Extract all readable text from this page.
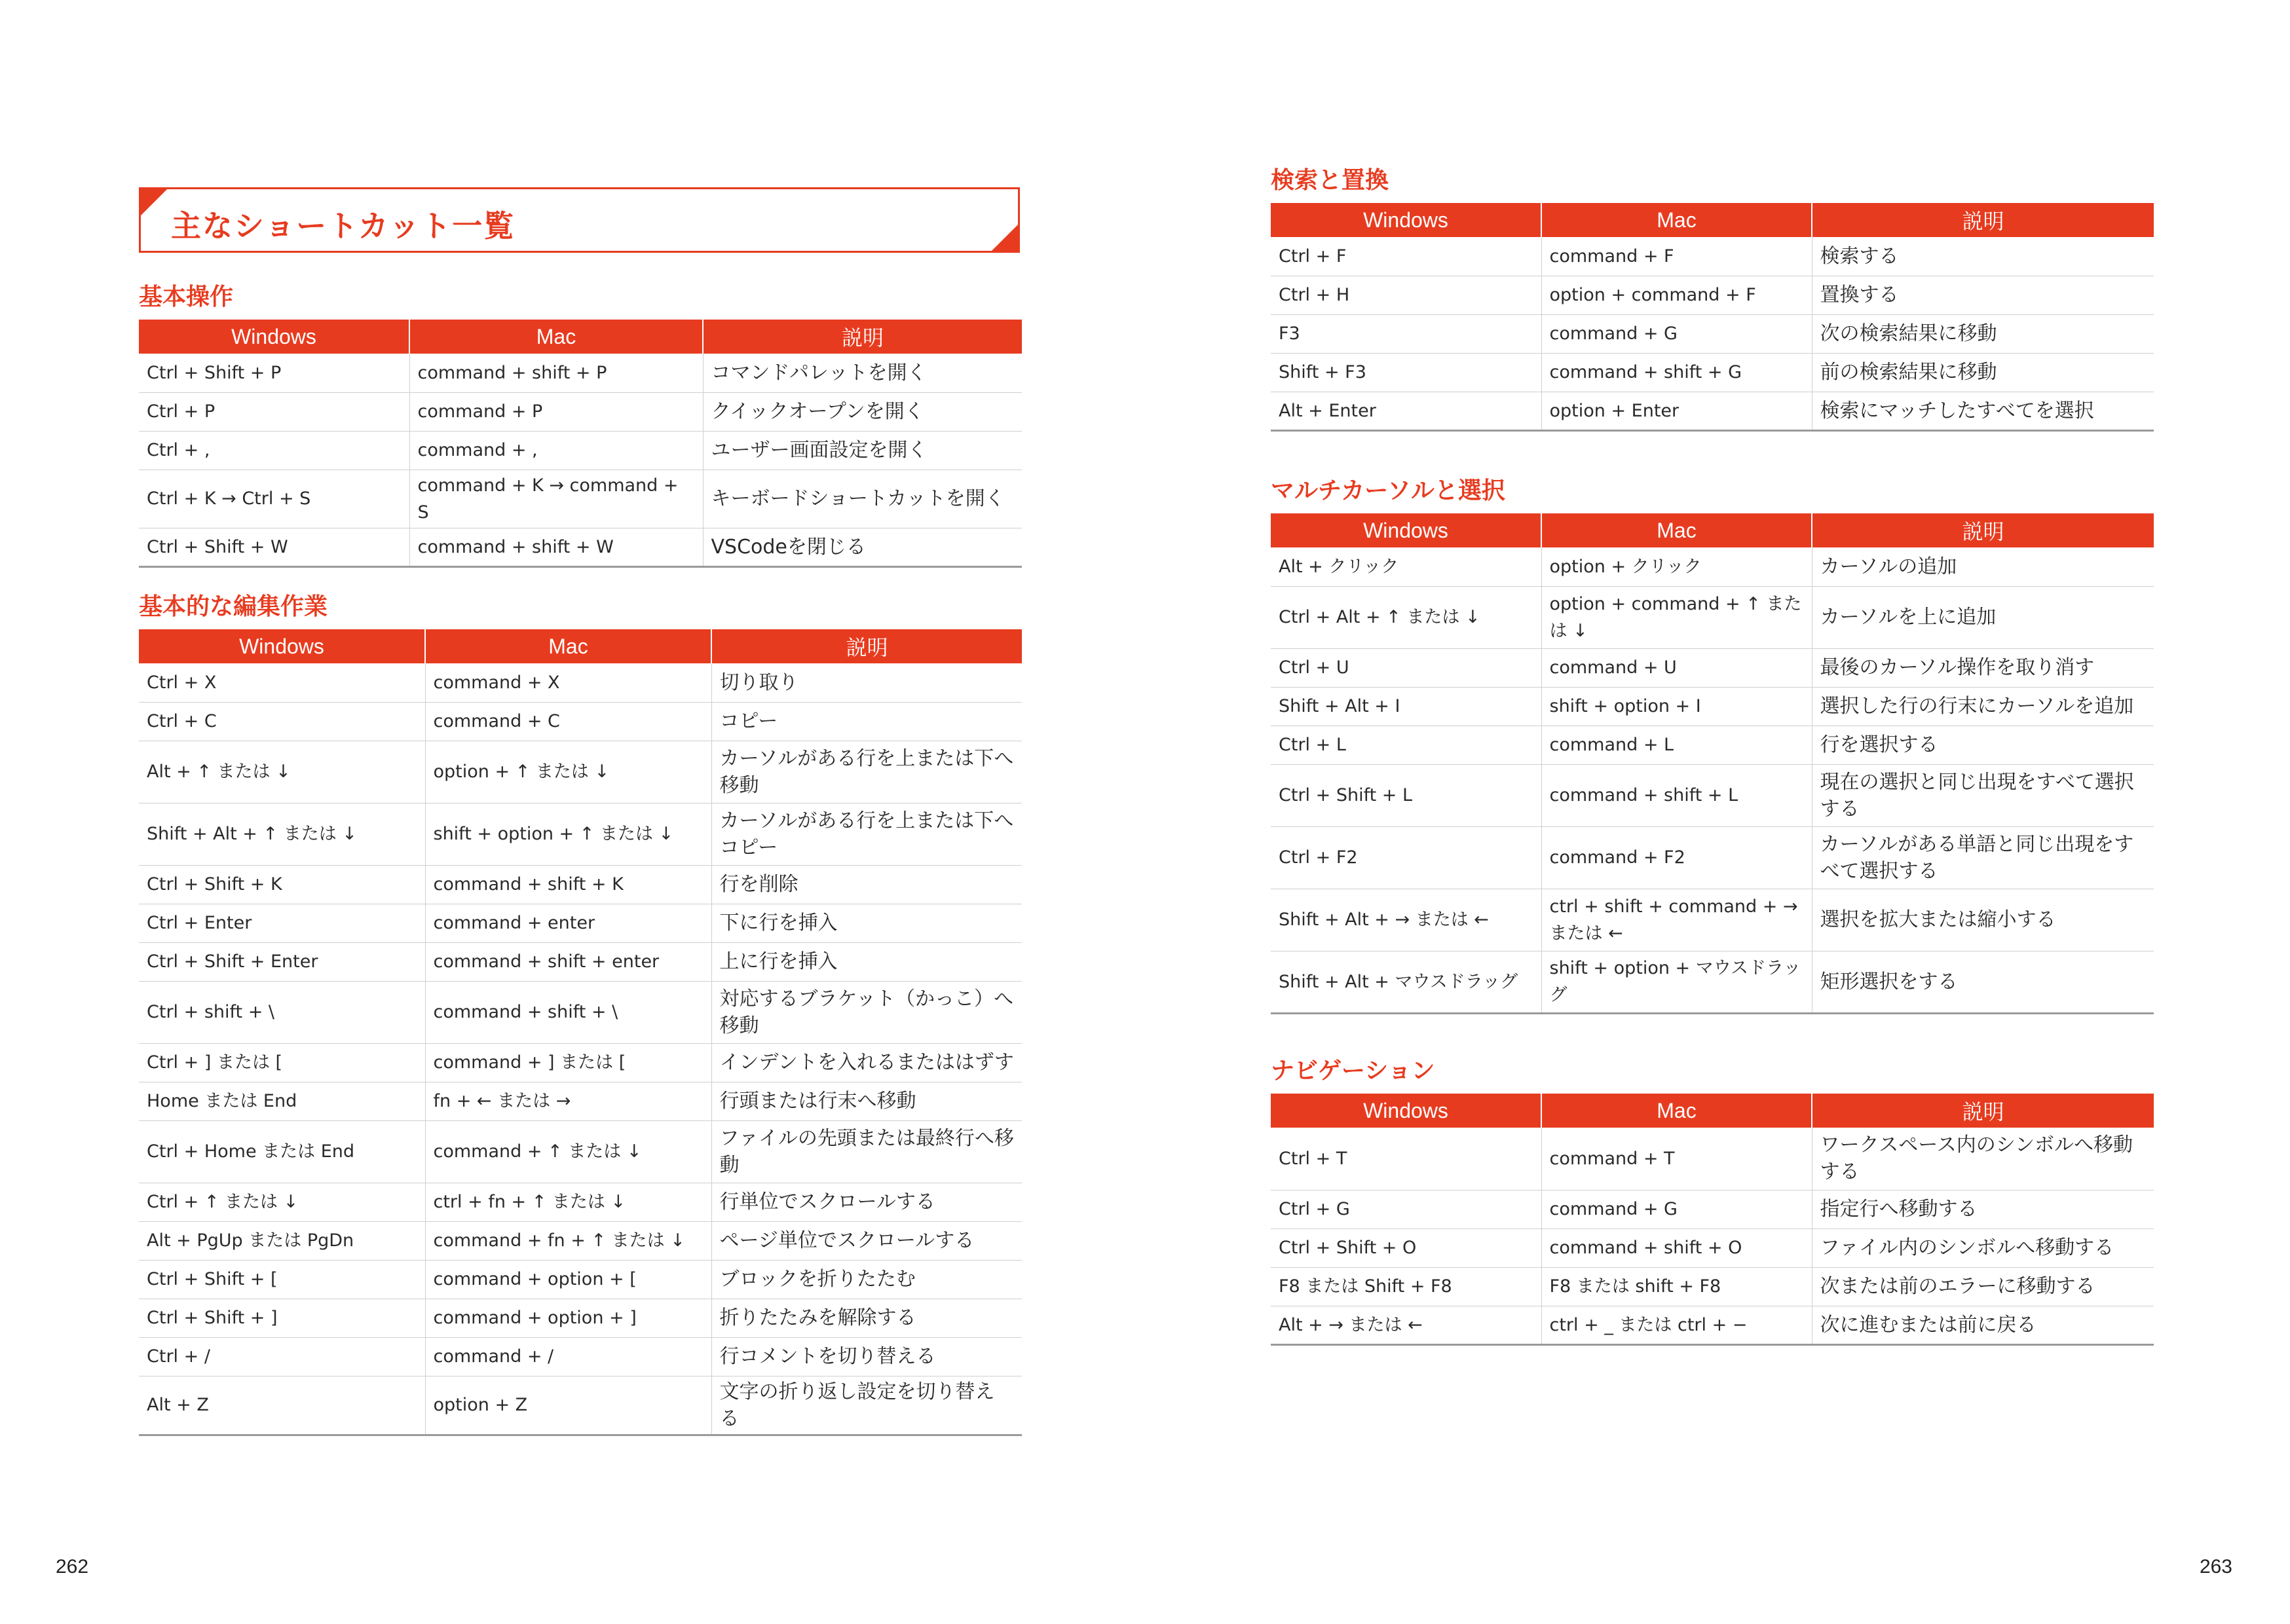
主なショートカット一覧
基本操作
Windows	Mac	説明
Ctrl + Shift + P	command + shift + P	コマンドパレットを開く
Ctrl + P	command + P	クイックオープンを開く
Ctrl + ,	command + ,	ユーザー画面設定を開く
Ctrl + K → Ctrl + S	command + K → command + S	キーボードショートカットを開く
Ctrl + Shift + W	command + shift + W	VSCodeを閉じる
基本的な編集作業
Windows	Mac	説明
Ctrl + X	command + X	切り取り
Ctrl + C	command + C	コピー
Alt + ↑ または ↓	option + ↑ または ↓	カーソルがある行を上または下へ移動
Shift + Alt + ↑ または ↓	shift + option + ↑ または ↓	カーソルがある行を上または下へコピー
Ctrl + Shift + K	command + shift + K	行を削除
Ctrl + Enter	command + enter	下に行を挿入
Ctrl + Shift + Enter	command + shift + enter	上に行を挿入
Ctrl + shift + \	command + shift + \	対応するブラケット（かっこ）へ移動
Ctrl + ] または [	command + ] または [	インデントを入れるまたははずす
Home または End	fn + ← または →	行頭または行末へ移動
Ctrl + Home または End	command + ↑ または ↓	ファイルの先頭または最終行へ移動
Ctrl + ↑ または ↓	ctrl + fn + ↑ または ↓	行単位でスクロールする
Alt + PgUp または PgDn	command + fn + ↑ または ↓	ページ単位でスクロールする
Ctrl + Shift + [	command + option + [	ブロックを折りたたむ
Ctrl + Shift + ]	command + option + ]	折りたたみを解除する
Ctrl + /	command + /	行コメントを切り替える
Alt + Z	option + Z	文字の折り返し設定を切り替える
262
検索と置換
Windows	Mac	説明
Ctrl + F	command + F	検索する
Ctrl + H	option + command + F	置換する
F3	command + G	次の検索結果に移動
Shift + F3	command + shift + G	前の検索結果に移動
Alt + Enter	option + Enter	検索にマッチしたすべてを選択
マルチカーソルと選択
Windows	Mac	説明
Alt + クリック	option + クリック	カーソルの追加
Ctrl + Alt + ↑ または ↓	option + command + ↑ または ↓	カーソルを上に追加
Ctrl + U	command + U	最後のカーソル操作を取り消す
Shift + Alt + I	shift + option + I	選択した行の行末にカーソルを追加
Ctrl + L	command + L	行を選択する
Ctrl + Shift + L	command + shift + L	現在の選択と同じ出現をすべて選択する
Ctrl + F2	command + F2	カーソルがある単語と同じ出現をすべて選択する
Shift + Alt + → または ←	ctrl + shift + command + → または ←	選択を拡大または縮小する
Shift + Alt + マウスドラッグ	shift + option + マウスドラッグ	矩形選択をする
ナビゲーション
Windows	Mac	説明
Ctrl + T	command + T	ワークスペース内のシンボルへ移動する
Ctrl + G	command + G	指定行へ移動する
Ctrl + Shift + O	command + shift + O	ファイル内のシンボルへ移動する
F8 または Shift + F8	F8 または shift + F8	次または前のエラーに移動する
Alt + → または ←	ctrl + _ または ctrl + −	次に進むまたは前に戻る
263
